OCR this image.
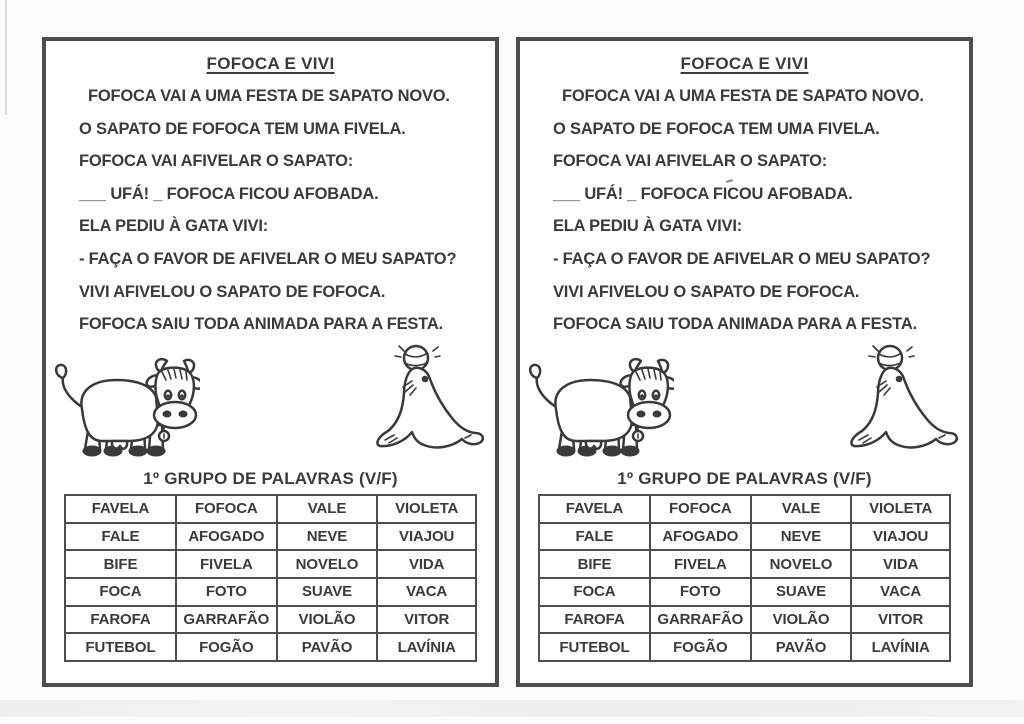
FOFOCA E VIVI
FOFOCA VAI A UMA FESTA DE SAPATO NOVO.
O SAPATO DE FOFOCA TEM UMA FIVELA.
FOFOCA VAI AFIVELAR O SAPATO:
___ UFÁ! _ FOFOCA FICOU AFOBADA.
ELA PEDIU À GATA VIVI:
- FAÇA O FAVOR DE AFIVELAR O MEU SAPATO?
VIVI AFIVELOU O SAPATO DE FOFOCA.
FOFOCA SAIU TODA ANIMADA PARA A FESTA.
1º GRUPO DE PALAVRAS (V/F)
FAVELA	FOFOCA	VALE	VIOLETA
FALE	AFOGADO	NEVE	VIAJOU
BIFE	FIVELA	NOVELO	VIDA
FOCA	FOTO	SUAVE	VACA
FAROFA	GARRAFÃO	VIOLÃO	VITOR
FUTEBOL	FOGÃO	PAVÃO	LAVÍNIA
FOFOCA E VIVI
FOFOCA VAI A UMA FESTA DE SAPATO NOVO.
O SAPATO DE FOFOCA TEM UMA FIVELA.
FOFOCA VAI AFIVELAR O SAPATO:
___ UFÁ! _ FOFOCA FICOU AFOBADA.
ELA PEDIU À GATA VIVI:
- FAÇA O FAVOR DE AFIVELAR O MEU SAPATO?
VIVI AFIVELOU O SAPATO DE FOFOCA.
FOFOCA SAIU TODA ANIMADA PARA A FESTA.
1º GRUPO DE PALAVRAS (V/F)
FAVELA	FOFOCA	VALE	VIOLETA
FALE	AFOGADO	NEVE	VIAJOU
BIFE	FIVELA	NOVELO	VIDA
FOCA	FOTO	SUAVE	VACA
FAROFA	GARRAFÃO	VIOLÃO	VITOR
FUTEBOL	FOGÃO	PAVÃO	LAVÍNIA
